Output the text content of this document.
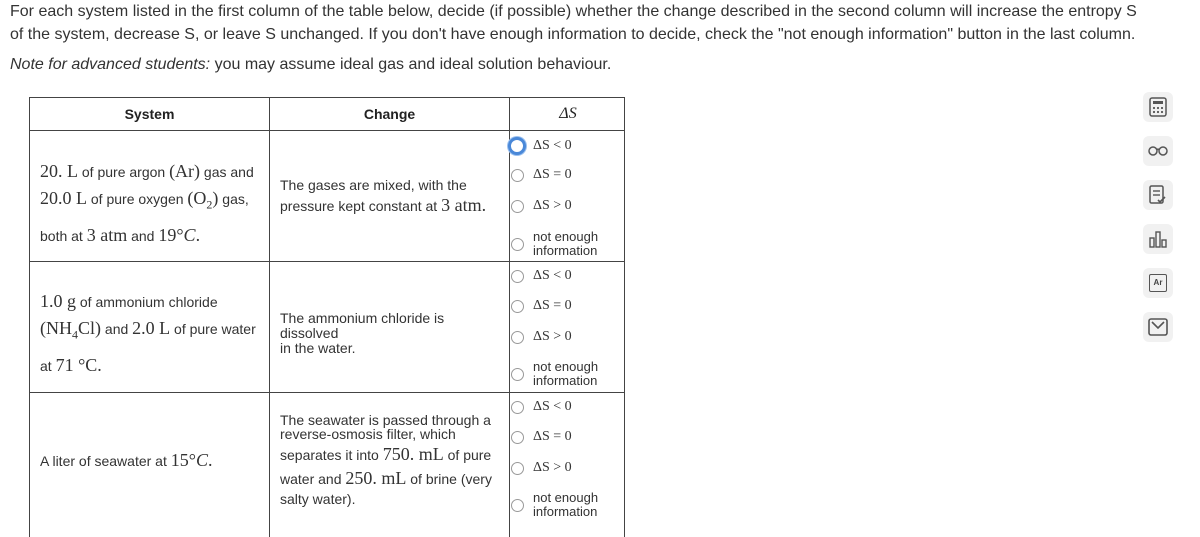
For each system listed in the first column of the table below, decide (if possible) whether the change described in the second column will increase the entropy S

of the system, decrease S, or leave S unchanged. If you don't have enough information to decide, check the "not enough information" button in the last column.

Note for advanced students: you may assume ideal gas and ideal solution behaviour.
System	Change	ΔS
20. L of pure argon (Ar) gas and
20.0 L of pure oxygen $(O_2)$ gas,
both at 3 atm and 19°C.
The gases are mixed, with the
pressure kept constant at 3 atm.
ΔS < 0
ΔS = 0
ΔS > 0
not enough information
1.0 g of ammonium chloride
$(NH_4Cl)$ and 2.0 L of pure water
at 71 °C.
The ammonium chloride is dissolved
in the water.
ΔS < 0
ΔS = 0
ΔS > 0
not enough information
A liter of seawater at 15°C.
The seawater is passed through a
reverse-osmosis filter, which
separates it into 750. mL of pure
water and 250. mL of brine (very
salty water).
ΔS < 0
ΔS = 0
ΔS > 0
not enough information
Ar
